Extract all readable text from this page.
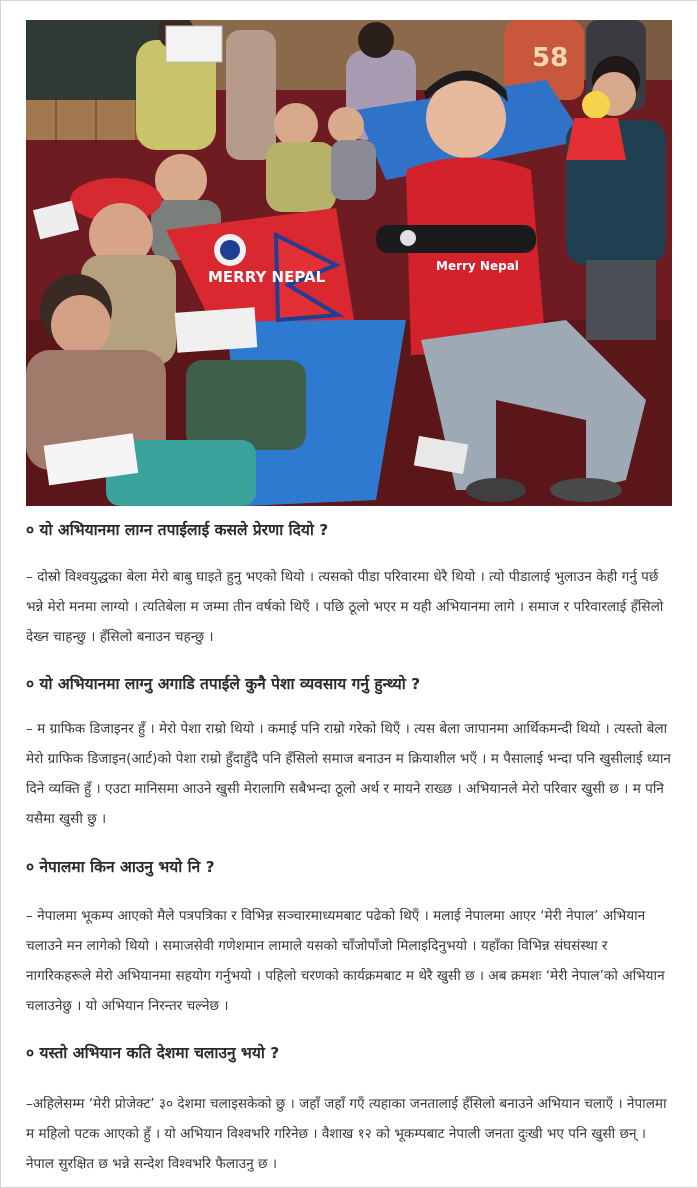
58
MERRY NEPAL
Merry Nepal

० यो अभियानमा लाग्न तपाईलाई कसले प्रेरणा दियो ?

– दोस्रो विश्वयुद्धका बेला मेरो बाबु घाइते हुनु भएको थियो । त्यसको पीडा परिवारमा धेरै थियो । त्यो पीडालाई भुलाउन केही गर्नु पर्छ भन्ने मेरो मनमा लाग्यो । त्यतिबेला म जम्मा तीन वर्षको थिएँ । पछि ठूलो भएर म यही अभियानमा लागे । समाज र परिवारलाई हँसिलो देख्न चाहन्छु । हँसिलो बनाउन चहन्छु ।

० यो अभियानमा लाग्नु अगाडि तपाईले कुनै पेशा व्यवसाय गर्नु हुन्थ्यो ?

– म ग्राफिक डिजाइनर हुँ । मेरो पेशा राम्रो थियो । कमाई पनि राम्रो गरेको थिएँ । त्यस बेला जापानमा आर्थिकमन्दी थियो । त्यस्तो बेला मेरो ग्राफिक डिजाइन(आर्ट)को पेशा राम्रो हुँदाहुँदै पनि हँसिलो समाज बनाउन म क्रियाशील भएँ । म पैसालाई भन्दा पनि खुसीलाई ध्यान दिने व्यक्ति हुँ । एउटा मानिसमा आउने खुसी मेरालागि सबैभन्दा ठूलो अर्थ र मायने राख्छ । अभियानले मेरो परिवार खुुसी छ । म पनि यसैमा खुसी छु ।

० नेपालमा किन आउनु भयो नि ?

– नेपालमा भूकम्प आएको मैले पत्रपत्रिका र विभिन्न सञ्चारमाध्यमबाट पढेको थिएँ । मलाई नेपालमा आएर ‘मेरी नेपाल’ अभियान चलाउने मन लागेको थियो । समाजसेवी गणेशमान लामाले यसको चाँजोपाँजो मिलाइदिनुभयो । यहाँका विभिन्न संघसंस्था र नागरिकहरूले मेरो अभियानमा सहयोग गर्नुभयो । पहिलो चरणको कार्यक्रमबाट म थेरै खुसी छ । अब क्रमशः ‘मेरी नेपाल’को अभियान चलाउनेछु । यो अभियान निरन्तर चल्नेछ ।

० यस्तो अभियान कति देशमा चलाउनु भयो ?

–अहिलेसम्म ‘मेरी प्रोजेक्ट’ ३० देशमा चलाइसकेको छु । जहाँ जहाँ गएँ त्यहाका जनतालाई हँसिलो बनाउने अभियान चलाएँ । नेपालमा म महिलो पटक आएको हुँ । यो अभियान विश्वभरि गरिनेछ । वैशाख १२ को भूकम्पबाट नेपाली जनता दुःखी भए पनि खुसी छन् । नेपाल सुरक्षित छ भन्ने सन्देश विश्वभरि फैलाउनु छ ।
